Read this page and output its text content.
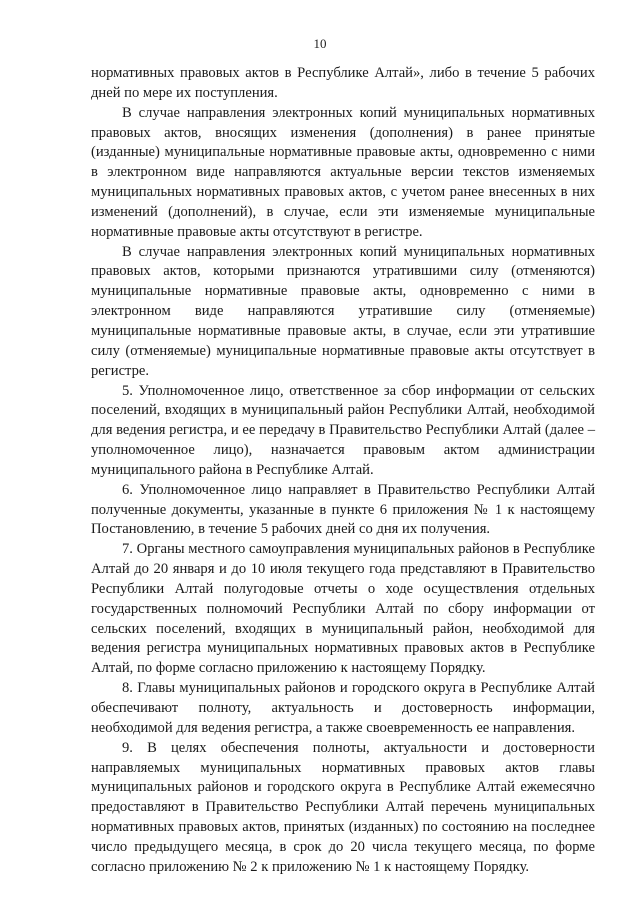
10

нормативных правовых актов в Республике Алтай», либо в течение 5 рабочих дней по мере их поступления.

В случае направления электронных копий муниципальных нормативных правовых актов, вносящих изменения (дополнения) в ранее принятые (изданные) муниципальные нормативные правовые акты, одновременно с ними в электронном виде направляются актуальные версии текстов изменяемых муниципальных нормативных правовых актов, с учетом ранее внесенных в них изменений (дополнений), в случае, если эти изменяемые муниципальные нормативные правовые акты отсутствуют в регистре.

В случае направления электронных копий муниципальных нормативных правовых актов, которыми признаются утратившими силу (отменяются) муниципальные нормативные правовые акты, одновременно с ними в электронном виде направляются утратившие силу (отменяемые) муниципальные нормативные правовые акты, в случае, если эти утратившие силу (отменяемые) муниципальные нормативные правовые акты отсутствует в регистре.

5. Уполномоченное лицо, ответственное за сбор информации от сельских поселений, входящих в муниципальный район Республики Алтай, необходимой для ведения регистра, и ее передачу в Правительство Республики Алтай (далее – уполномоченное лицо), назначается правовым актом администрации муниципального района в Республике Алтай.

6. Уполномоченное лицо направляет в Правительство Республики Алтай полученные документы, указанные в пункте 6 приложения № 1 к настоящему Постановлению, в течение 5 рабочих дней со дня их получения.

7. Органы местного самоуправления муниципальных районов в Республике Алтай до 20 января и до 10 июля текущего года представляют в Правительство Республики Алтай полугодовые отчеты о ходе осуществления отдельных государственных полномочий Республики Алтай по сбору информации от сельских поселений, входящих в муниципальный район, необходимой для ведения регистра муниципальных нормативных правовых актов в Республике Алтай, по форме согласно приложению к настоящему Порядку.

8. Главы муниципальных районов и городского округа в Республике Алтай обеспечивают полноту, актуальность и достоверность информации, необходимой для ведения регистра, а также своевременность ее направления.

9. В целях обеспечения полноты, актуальности и достоверности направляемых муниципальных нормативных правовых актов главы муниципальных районов и городского округа в Республике Алтай ежемесячно предоставляют в Правительство Республики Алтай перечень муниципальных нормативных правовых актов, принятых (изданных) по состоянию на последнее число предыдущего месяца, в срок до 20 числа текущего месяца, по форме согласно приложению № 2 к приложению № 1 к настоящему Порядку.
